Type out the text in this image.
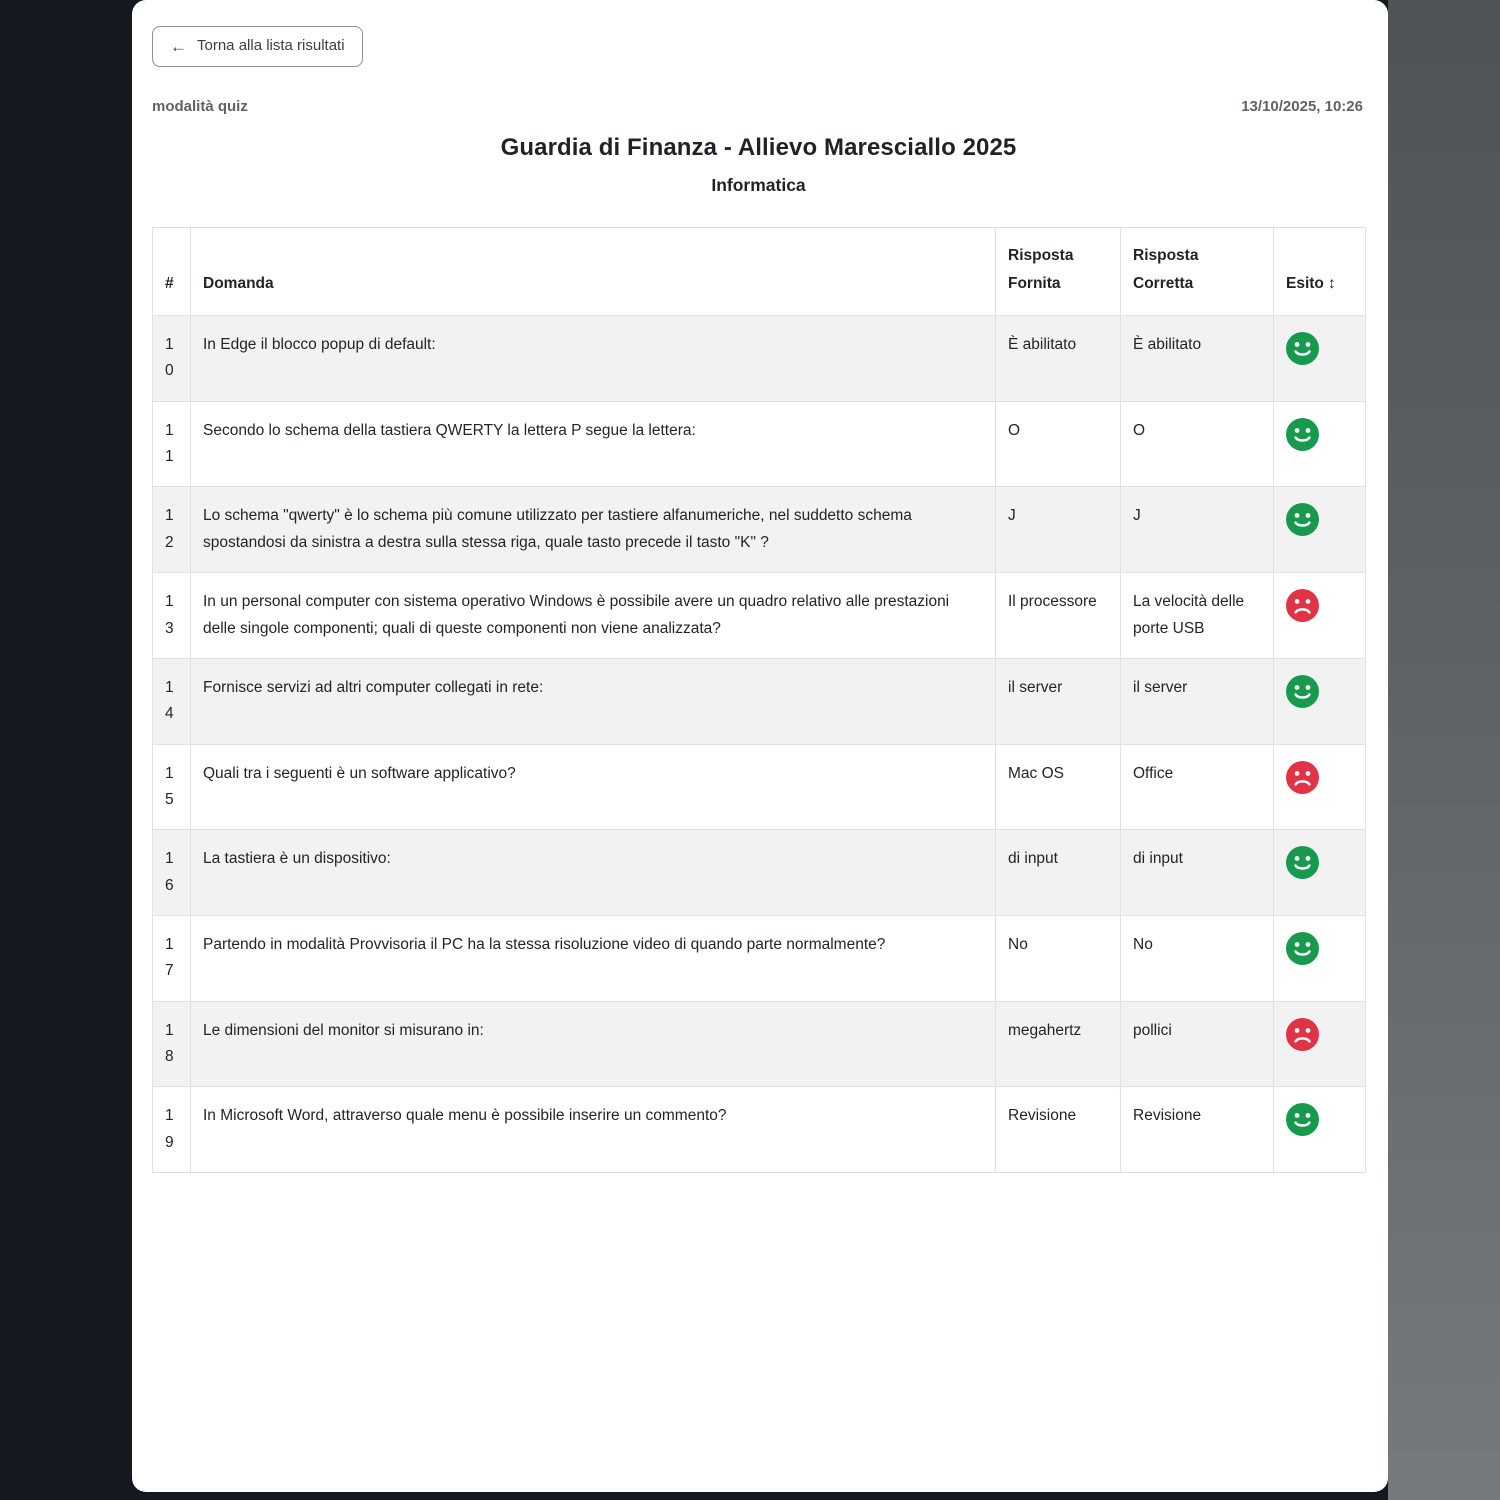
← Torna alla lista risultati
modalità quiz	13/10/2025, 10:26
Guardia di Finanza - Allievo Maresciallo 2025
Informatica
#	Domanda	Risposta Fornita	Risposta Corretta	Esito ↕
10	In Edge il blocco popup di default:	È abilitato	È abilitato	

11	Secondo lo schema della tastiera QWERTY la lettera P segue la lettera:	O	O	

12	Lo schema "qwerty" è lo schema più comune utilizzato per tastiere alfanumeriche, nel suddetto schema spostandosi da sinistra a destra sulla stessa riga, quale tasto precede il tasto "K" ?	J	J	

13	In un personal computer con sistema operativo Windows è possibile avere un quadro relativo alle prestazioni delle singole componenti; quali di queste componenti non viene analizzata?	Il processore	La velocità delle porte USB	

14	Fornisce servizi ad altri computer collegati in rete:	il server	il server	

15	Quali tra i seguenti è un software applicativo?	Mac OS	Office	

16	La tastiera è un dispositivo:	di input	di input	

17	Partendo in modalità Provvisoria il PC ha la stessa risoluzione video di quando parte normalmente?	No	No	

18	Le dimensioni del monitor si misurano in:	megahertz	pollici	

19	In Microsoft Word, attraverso quale menu è possibile inserire un commento?	Revisione	Revisione	
